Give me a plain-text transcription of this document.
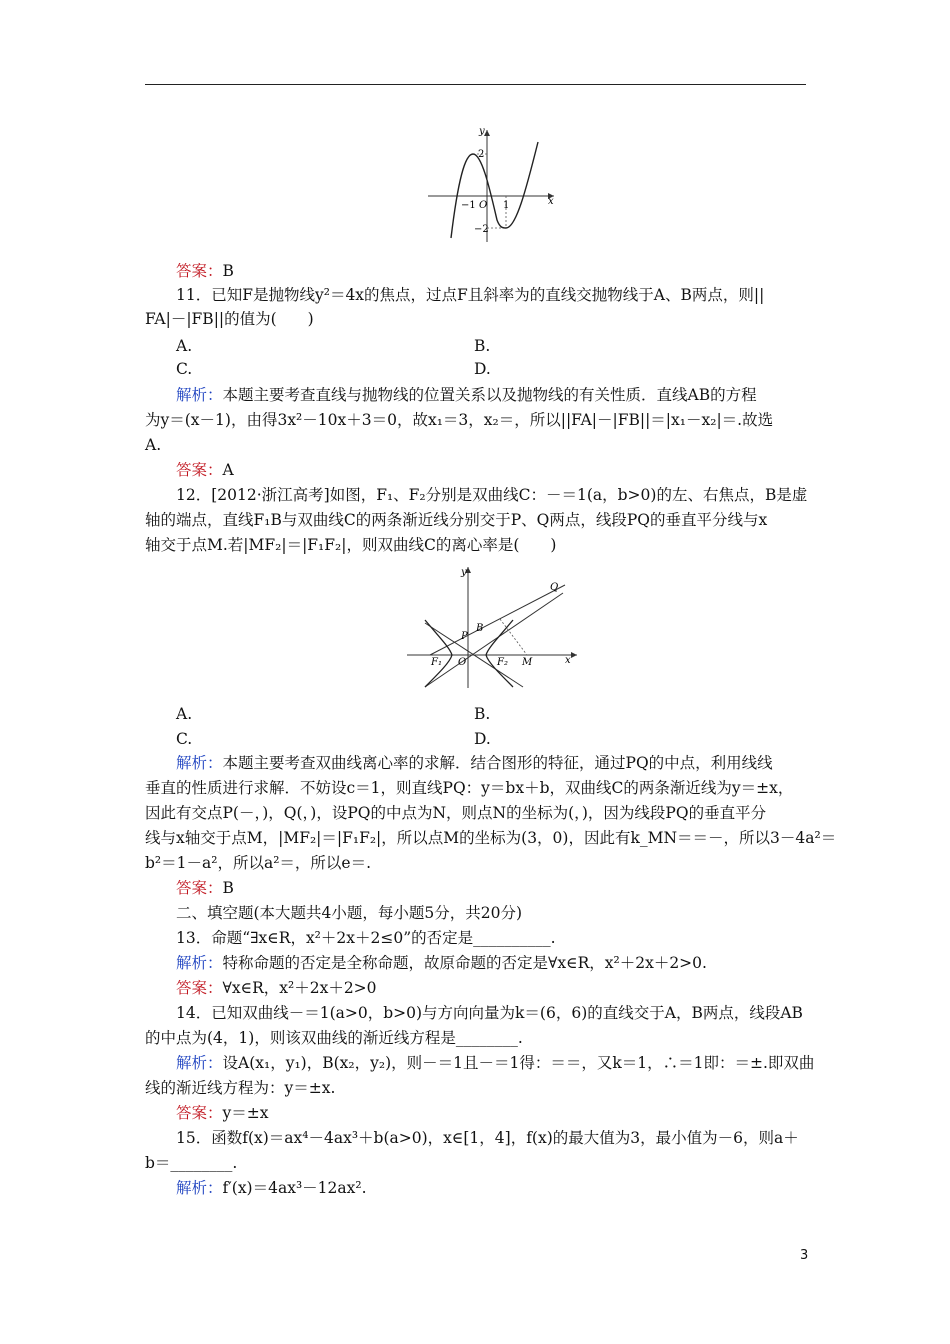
y
2
−1 O 1	x
−2
答案：B
11．已知F是抛物线y²＝4x的焦点，过点F且斜率为的直线交抛物线于A、B两点，则||
FA|－|FB||的值为(　　)
A.	B.
C.	D.
解析：本题主要考查直线与抛物线的位置关系以及抛物线的有关性质．直线AB的方程
为y＝(x－1)，由得3x²－10x＋3＝0，故x₁＝3，x₂＝，所以||FA|－|FB||＝|x₁－x₂|＝.故选
A.
答案：A
12．[2012·浙江高考]如图，F₁、F₂分别是双曲线C：－＝1(a，b>0)的左、右焦点，B是虚
轴的端点，直线F₁B与双曲线C的两条渐近线分别交于P、Q两点，线段PQ的垂直平分线与x
轴交于点M.若|MF₂|＝|F₁F₂|，则双曲线C的离心率是(　　)
y
Q
B
P
F₁ O	F₂ M	x
A.	B.
C.	D.
解析：本题主要考查双曲线离心率的求解．结合图形的特征，通过PQ的中点，利用线线
垂直的性质进行求解．不妨设c＝1，则直线PQ：y＝bx＋b，双曲线C的两条渐近线为y＝±x，
因此有交点P(－，)，Q(，)，设PQ的中点为N，则点N的坐标为(，)，因为线段PQ的垂直平分
线与x轴交于点M，|MF₂|＝|F₁F₂|，所以点M的坐标为(3，0)，因此有k_MN＝＝－，所以3－4a²＝
b²＝1－a²，所以a²＝，所以e＝.
答案：B
二、填空题(本大题共4小题，每小题5分，共20分)
13．命题“∃x∈R，x²＋2x＋2≤0”的否定是__________.
解析：特称命题的否定是全称命题，故原命题的否定是∀x∈R，x²＋2x＋2>0.
答案：∀x∈R，x²＋2x＋2>0
14．已知双曲线－＝1(a>0，b>0)与方向向量为k＝(6，6)的直线交于A，B两点，线段AB
的中点为(4，1)，则该双曲线的渐近线方程是________.
解析：设A(x₁，y₁)，B(x₂，y₂)，则－＝1且－＝1得：＝＝，又k＝1，∴＝1即：＝±.即双曲
线的渐近线方程为：y＝±x.
答案：y＝±x
15．函数f(x)＝ax⁴－4ax³＋b(a>0)，x∈[1，4]，f(x)的最大值为3，最小值为－6，则a＋
b＝________.
解析：f′(x)＝4ax³－12ax².
3
